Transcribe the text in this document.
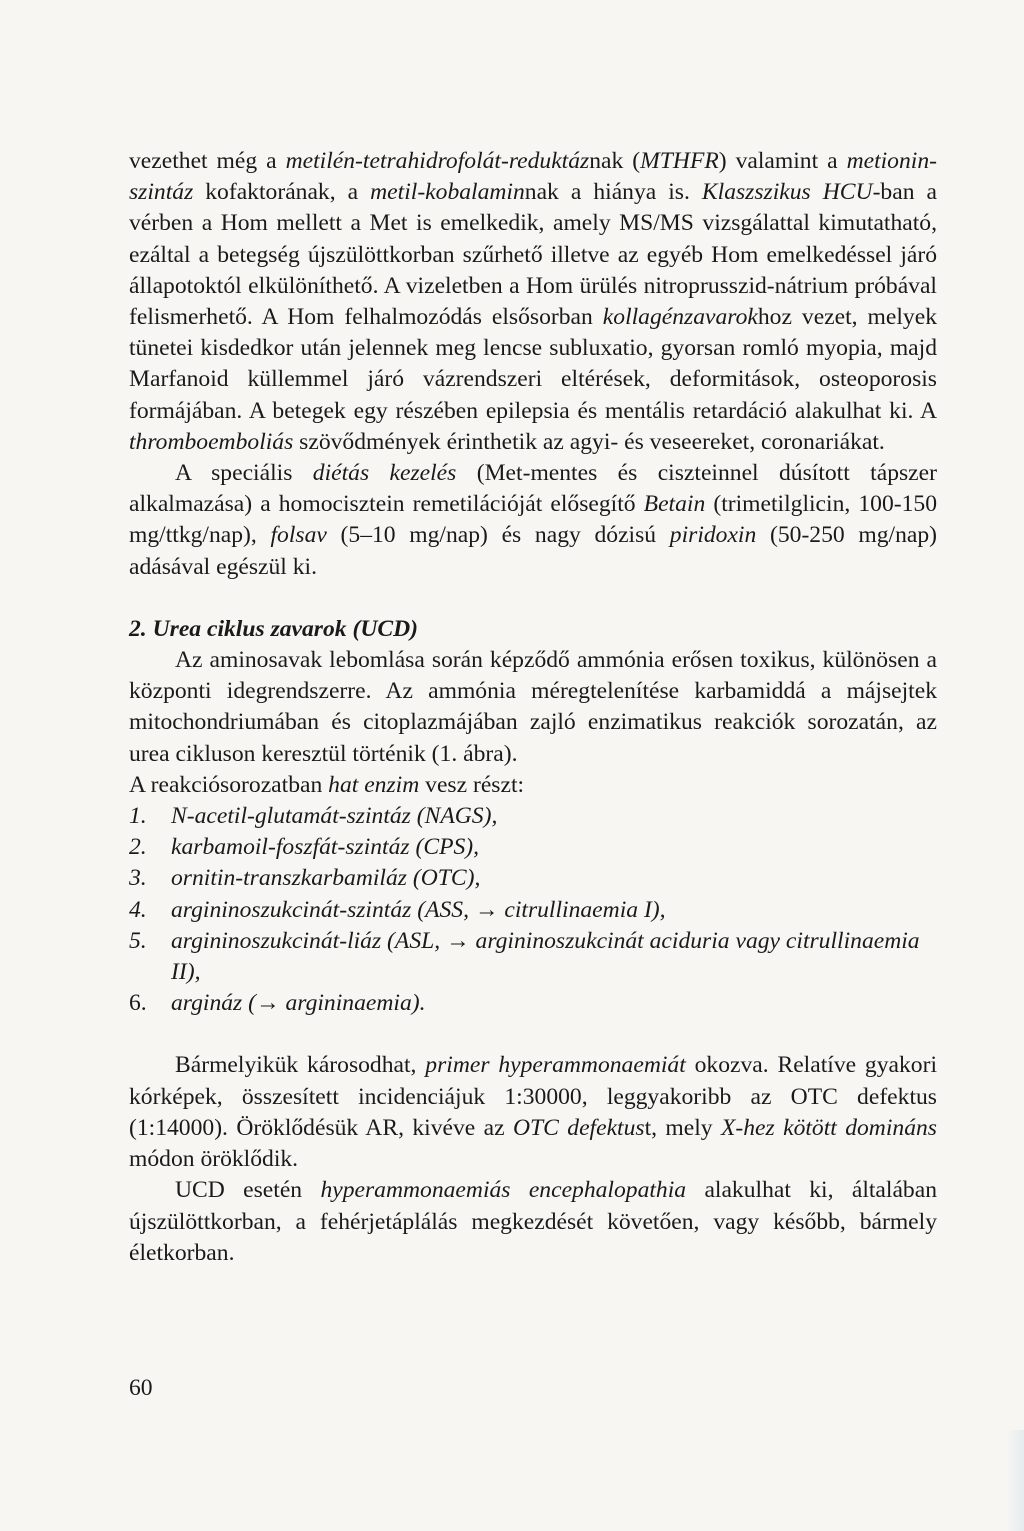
vezethet még a metilén-tetrahidrofolát-reduktáznak (MTHFR) valamint a metionin-szintáz kofaktorának, a metil-kobalaminnak a hiánya is. Klaszszikus HCU-ban a vérben a Hom mellett a Met is emelkedik, amely MS/MS vizsgálattal kimutatható, ezáltal a betegség újszülöttkorban szűrhető illetve az egyéb Hom emelkedéssel járó állapotoktól elkülöníthető. A vizeletben a Hom ürülés nitroprusszid-nátrium próbával felismerhető. A Hom felhalmozódás elsősorban kollagénzavarokhoz vezet, melyek tünetei kisdedkor után jelennek meg lencse subluxatio, gyorsan romló myopia, majd Marfanoid küllemmel járó vázrendszeri eltérések, deformitások, osteoporosis formájában. A betegek egy részében epilepsia és mentális retardáció alakulhat ki. A thromboemboliás szövődmények érinthetik az agyi- és veseereket, coronariákat.

A speciális diétás kezelés (Met-mentes és ciszteinnel dúsított tápszer alkalmazása) a homocisztein remetilációját elősegítő Betain (trimetilglicin, 100-150 mg/ttkg/nap), folsav (5–10 mg/nap) és nagy dózisú piridoxin (50-250 mg/nap) adásával egészül ki.

2. Urea ciklus zavarok (UCD)

Az aminosavak lebomlása során képződő ammónia erősen toxikus, különösen a központi idegrendszerre. Az ammónia méregtelenítése karbamiddá a májsejtek mitochondriumában és citoplazmájában zajló enzimatikus reakciók sorozatán, az urea cikluson keresztül történik (1. ábra).

A reakciósorozatban hat enzim vesz részt:

1. N-acetil-glutamát-szintáz (NAGS),
2. karbamoil-foszfát-szintáz (CPS),
3. ornitin-transzkarbamiláz (OTC),
4. argininoszukcinát-szintáz (ASS, → citrullinaemia I),
5. argininoszukcinát-liáz (ASL, → argininoszukcinát aciduria vagy citrullinaemia II),
6. argináz (→ argininaemia).

Bármelyikük károsodhat, primer hyperammonaemiát okozva. Relatíve gyakori kórképek, összesített incidenciájuk 1:30000, leggyakoribb az OTC defektus (1:14000). Öröklődésük AR, kivéve az OTC defektust, mely X-hez kötött domináns módon öröklődik.

UCD esetén hyperammonaemiás encephalopathia alakulhat ki, általában újszülöttkorban, a fehérjetáplálás megkezdését követően, vagy később, bármely életkorban.

60
